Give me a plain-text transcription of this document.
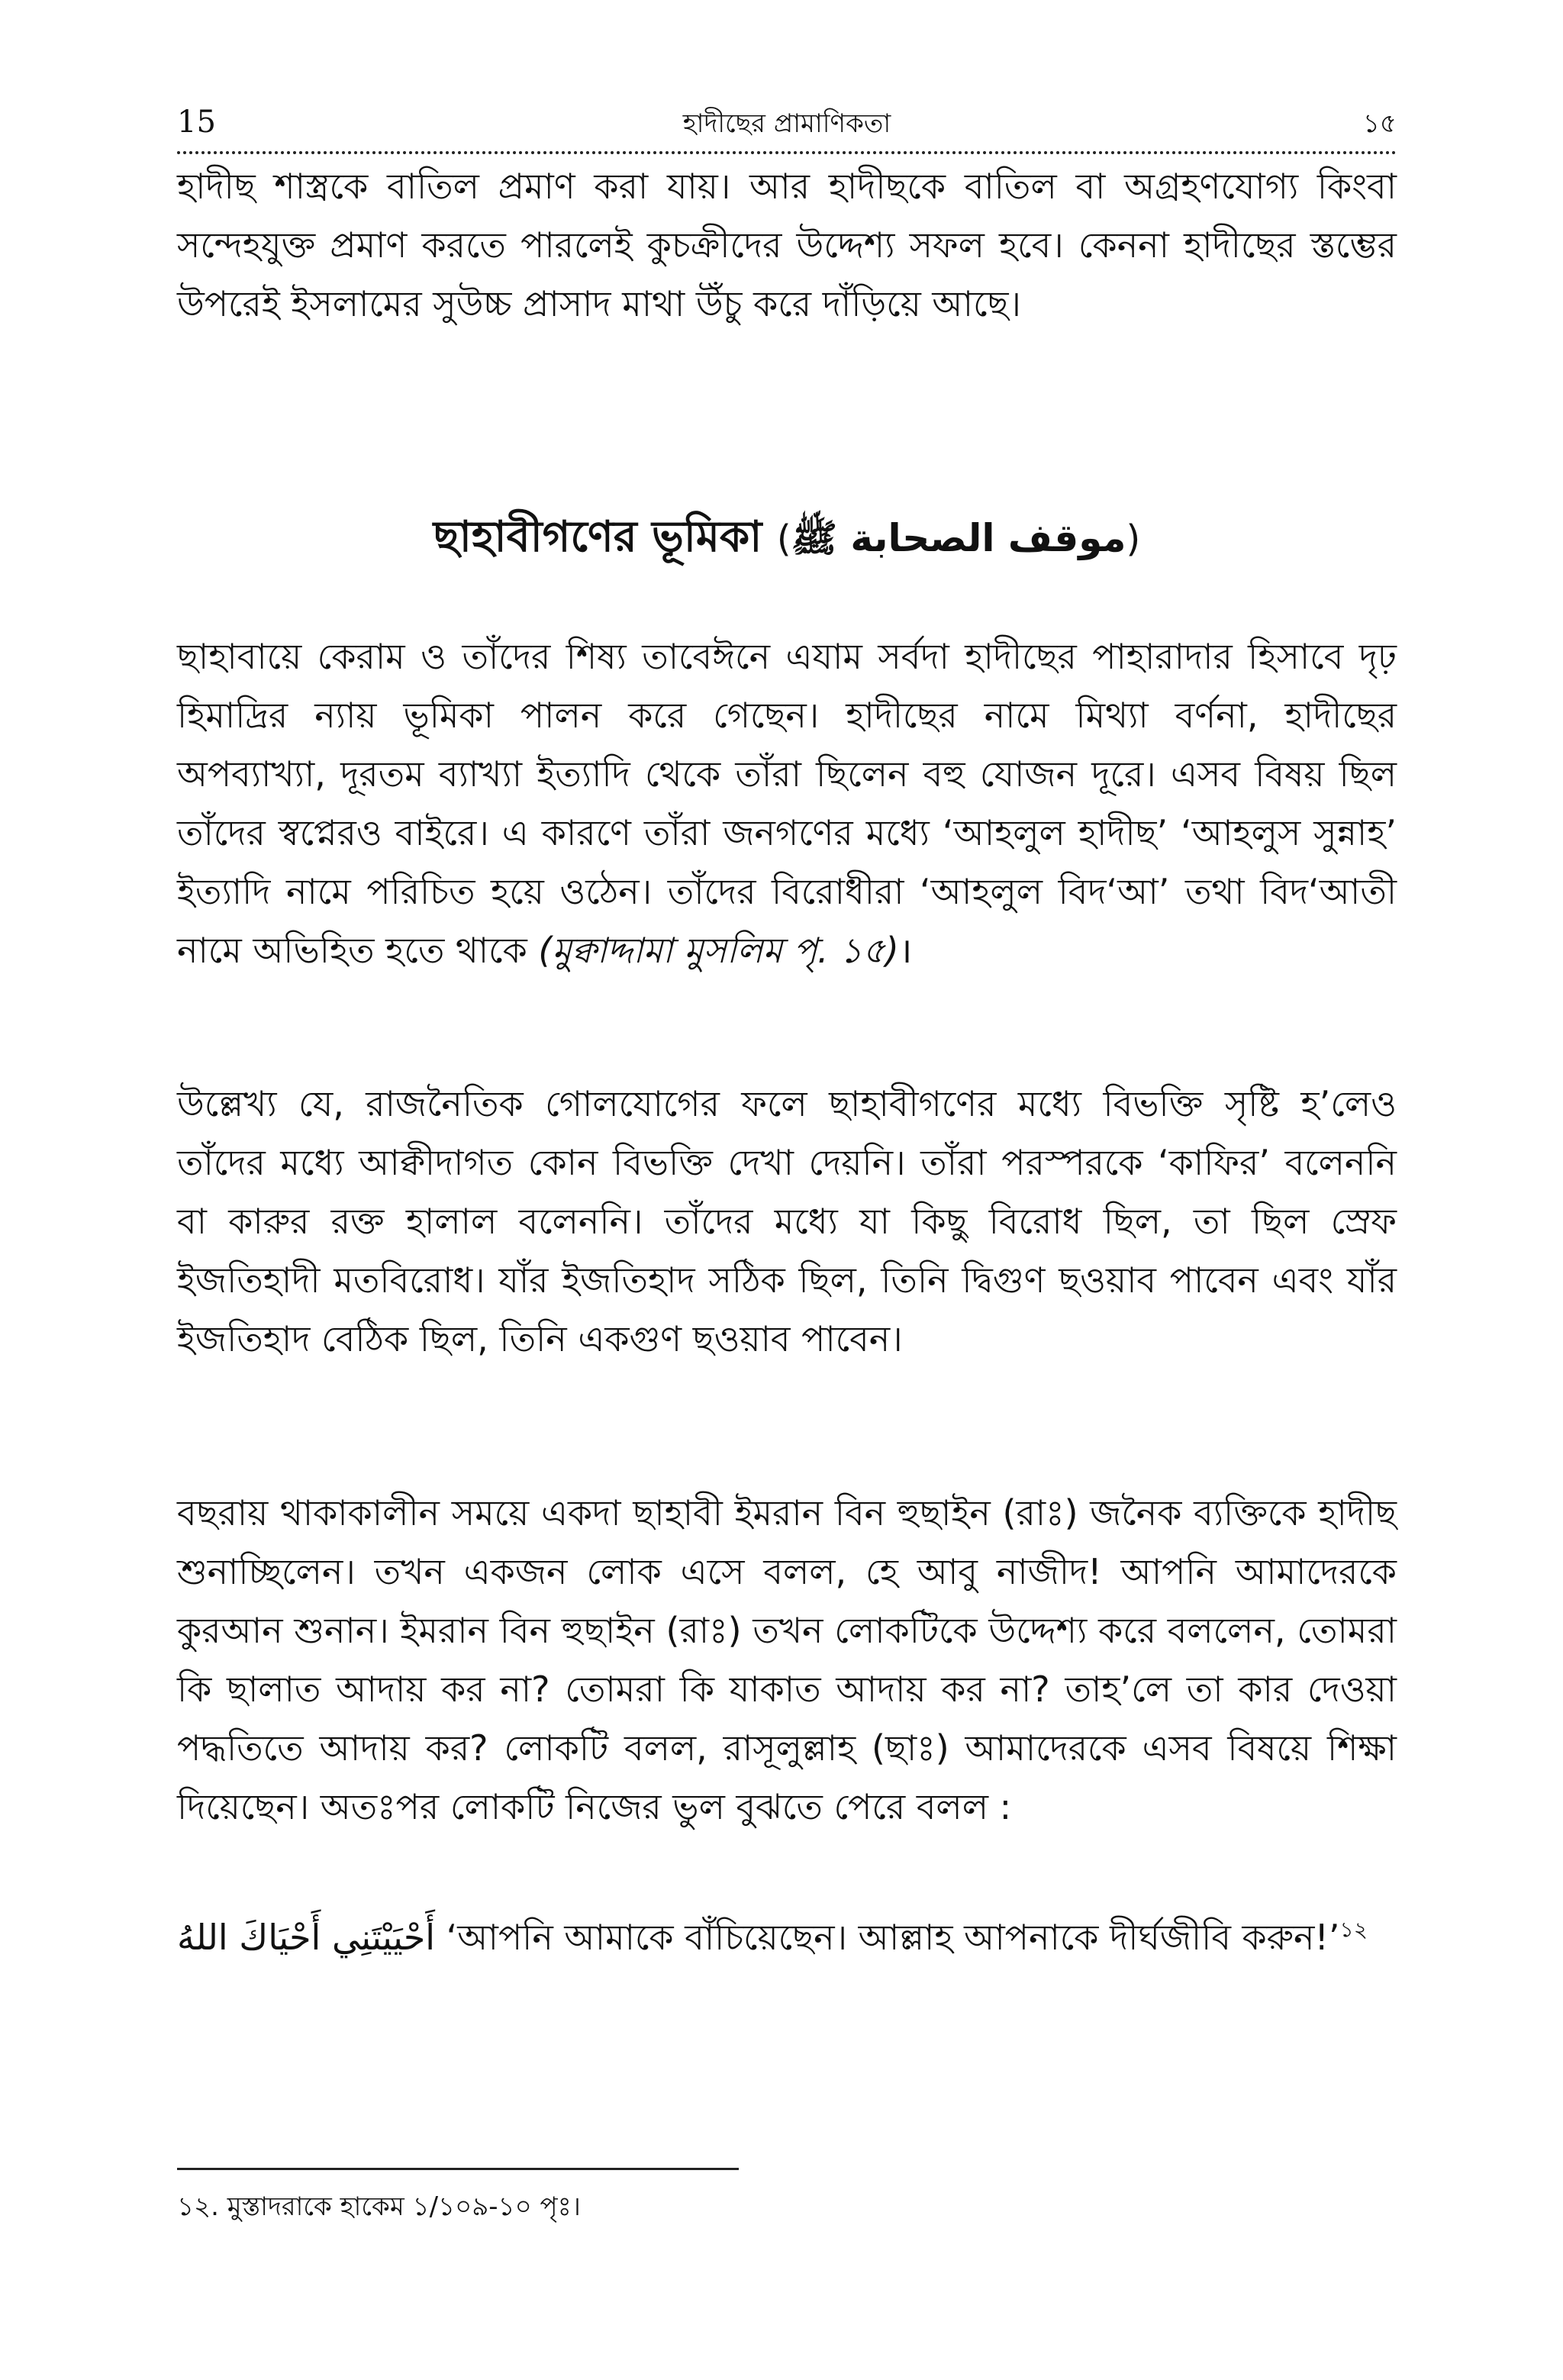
15	হাদীছের প্রামাণিকতা	১৫

হাদীছ শাস্ত্রকে বাতিল প্রমাণ করা যায়। আর হাদীছকে বাতিল বা অগ্রহণযোগ্য কিংবা সন্দেহযুক্ত প্রমাণ করতে পারলেই কুচক্রীদের উদ্দেশ্য সফল হবে। কেননা হাদীছের স্তম্ভের উপরেই ইসলামের সুউচ্চ প্রাসাদ মাথা উঁচু করে দাঁড়িয়ে আছে।

ছাহাবীগণের ভূমিকা (موقف الصحابة ﷺ)

ছাহাবায়ে কেরাম ও তাঁদের শিষ্য তাবেঈনে এযাম সর্বদা হাদীছের পাহারাদার হিসাবে দৃঢ় হিমাদ্রির ন্যায় ভূমিকা পালন করে গেছেন। হাদীছের নামে মিথ্যা বর্ণনা, হাদীছের অপব্যাখ্যা, দূরতম ব্যাখ্যা ইত্যাদি থেকে তাঁরা ছিলেন বহু যোজন দূরে। এসব বিষয় ছিল তাঁদের স্বপ্নেরও বাইরে। এ কারণে তাঁরা জনগণের মধ্যে ‘আহলুল হাদীছ’ ‘আহলুস সুন্নাহ’ ইত্যাদি নামে পরিচিত হয়ে ওঠেন। তাঁদের বিরোধীরা ‘আহলুল বিদ‘আ’ তথা বিদ‘আতী নামে অভিহিত হতে থাকে (মুক্বাদ্দামা মুসলিম পৃ. ১৫)।

উল্লেখ্য যে, রাজনৈতিক গোলযোগের ফলে ছাহাবীগণের মধ্যে বিভক্তি সৃষ্টি হ’লেও তাঁদের মধ্যে আক্বীদাগত কোন বিভক্তি দেখা দেয়নি। তাঁরা পরস্পরকে ‘কাফির’ বলেননি বা কারুর রক্ত হালাল বলেননি। তাঁদের মধ্যে যা কিছু বিরোধ ছিল, তা ছিল স্রেফ ইজতিহাদী মতবিরোধ। যাঁর ইজতিহাদ সঠিক ছিল, তিনি দ্বিগুণ ছওয়াব পাবেন এবং যাঁর ইজতিহাদ বেঠিক ছিল, তিনি একগুণ ছওয়াব পাবেন।

বছরায় থাকাকালীন সময়ে একদা ছাহাবী ইমরান বিন হুছাইন (রাঃ) জনৈক ব্যক্তিকে হাদীছ শুনাচ্ছিলেন। তখন একজন লোক এসে বলল, হে আবু নাজীদ! আপনি আমাদেরকে কুরআন শুনান। ইমরান বিন হুছাইন (রাঃ) তখন লোকটিকে উদ্দেশ্য করে বললেন, তোমরা কি ছালাত আদায় কর না? তোমরা কি যাকাত আদায় কর না? তাহ’লে তা কার দেওয়া পদ্ধতিতে আদায় কর? লোকটি বলল, রাসূলুল্লাহ (ছাঃ) আমাদেরকে এসব বিষয়ে শিক্ষা দিয়েছেন। অতঃপর লোকটি নিজের ভুল বুঝতে পেরে বলল :

أَحْيَيْتَنِي أَحْيَاكَ اللهُ ‘আপনি আমাকে বাঁচিয়েছেন। আল্লাহ আপনাকে দীর্ঘজীবি করুন!’$^{১২}$

১২. মুস্তাদরাকে হাকেম ১/১০৯-১০ পৃঃ।
